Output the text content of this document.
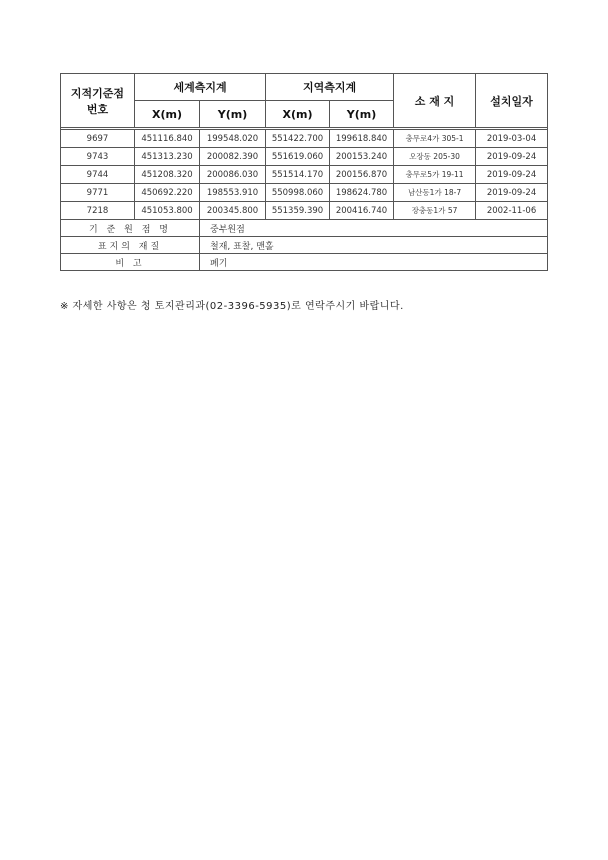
지적기준점
번호	세계측지계		지역측지계		소 재 지	설치일자
	X(m)	Y(m)	X(m)	Y(m)		

9697	451116.840	199548.020	551422.700	199618.840	충무로4가 305-1	2019-03-04
9743	451313.230	200082.390	551619.060	200153.240	오장동 205-30	2019-09-24
9744	451208.320	200086.030	551514.170	200156.870	충무로5가 19-11	2019-09-24
9771	450692.220	198553.910	550998.060	198624.780	남산동1가 18-7	2019-09-24
7218	451053.800	200345.800	551359.390	200416.740	장충동1가 57	2002-11-06
기 준 원 점 명		중부원점				
표지의 재질		철재, 표찰, 맨홀				
비 고		폐기				
※ 자세한 사항은 청 토지관리과(02-3396-5935)로 연락주시기 바랍니다.
